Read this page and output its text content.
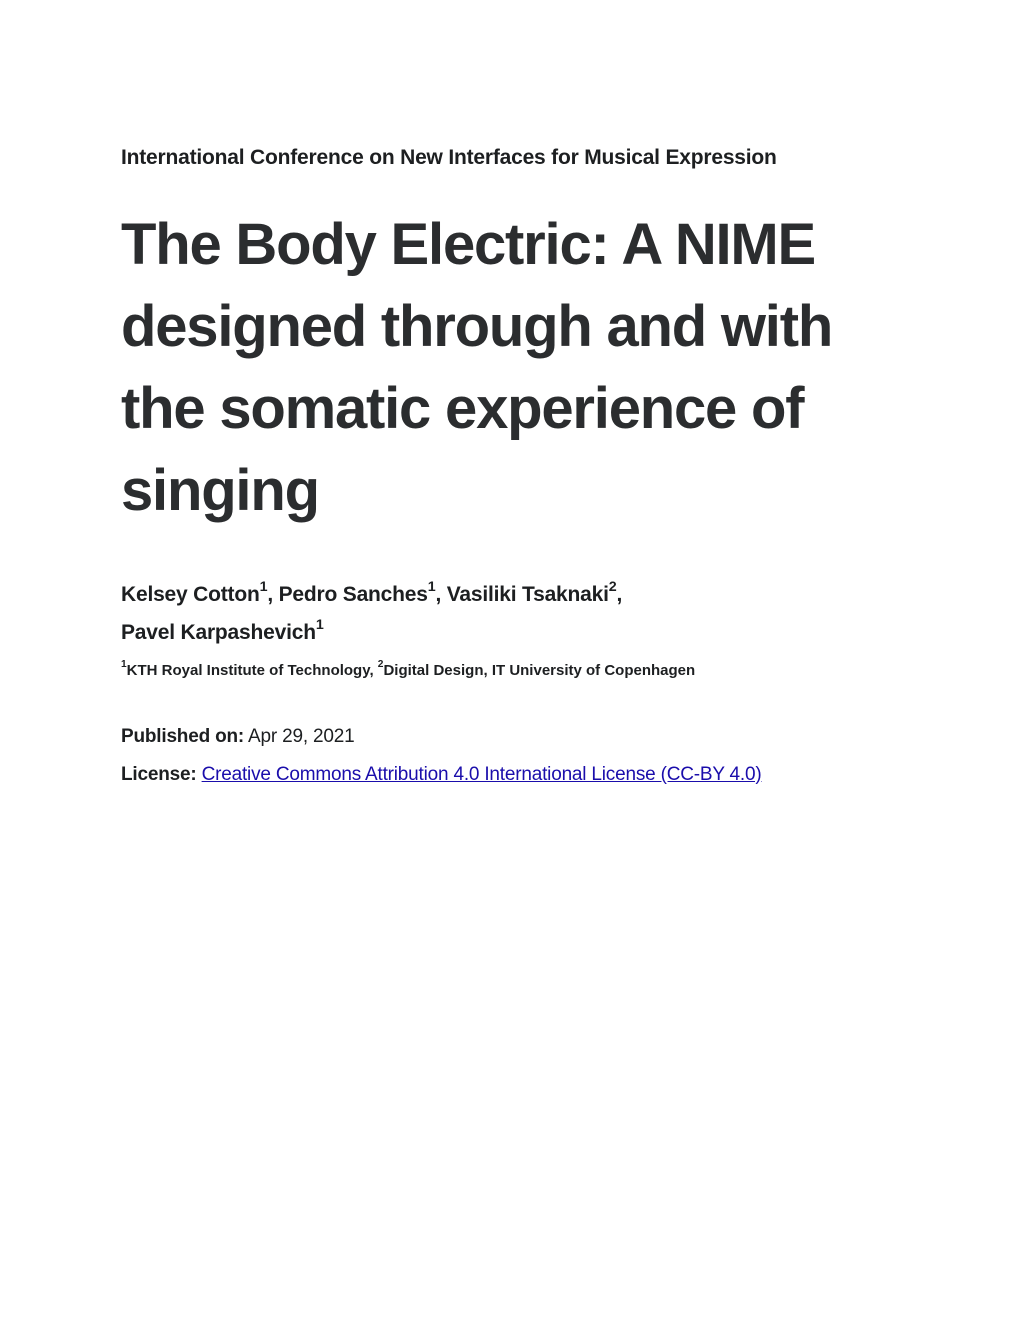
International Conference on New Interfaces for Musical Expression
The Body Electric: A NIME designed through and with the somatic experience of singing
Kelsey Cotton$^1$, Pedro Sanches$^1$, Vasiliki Tsaknaki$^2$,
Pavel Karpashevich$^1$
$^1$KTH Royal Institute of Technology, $^2$Digital Design, IT University of Copenhagen
Published on: Apr 29, 2021
License: Creative Commons Attribution 4.0 International License (CC-BY 4.0)
